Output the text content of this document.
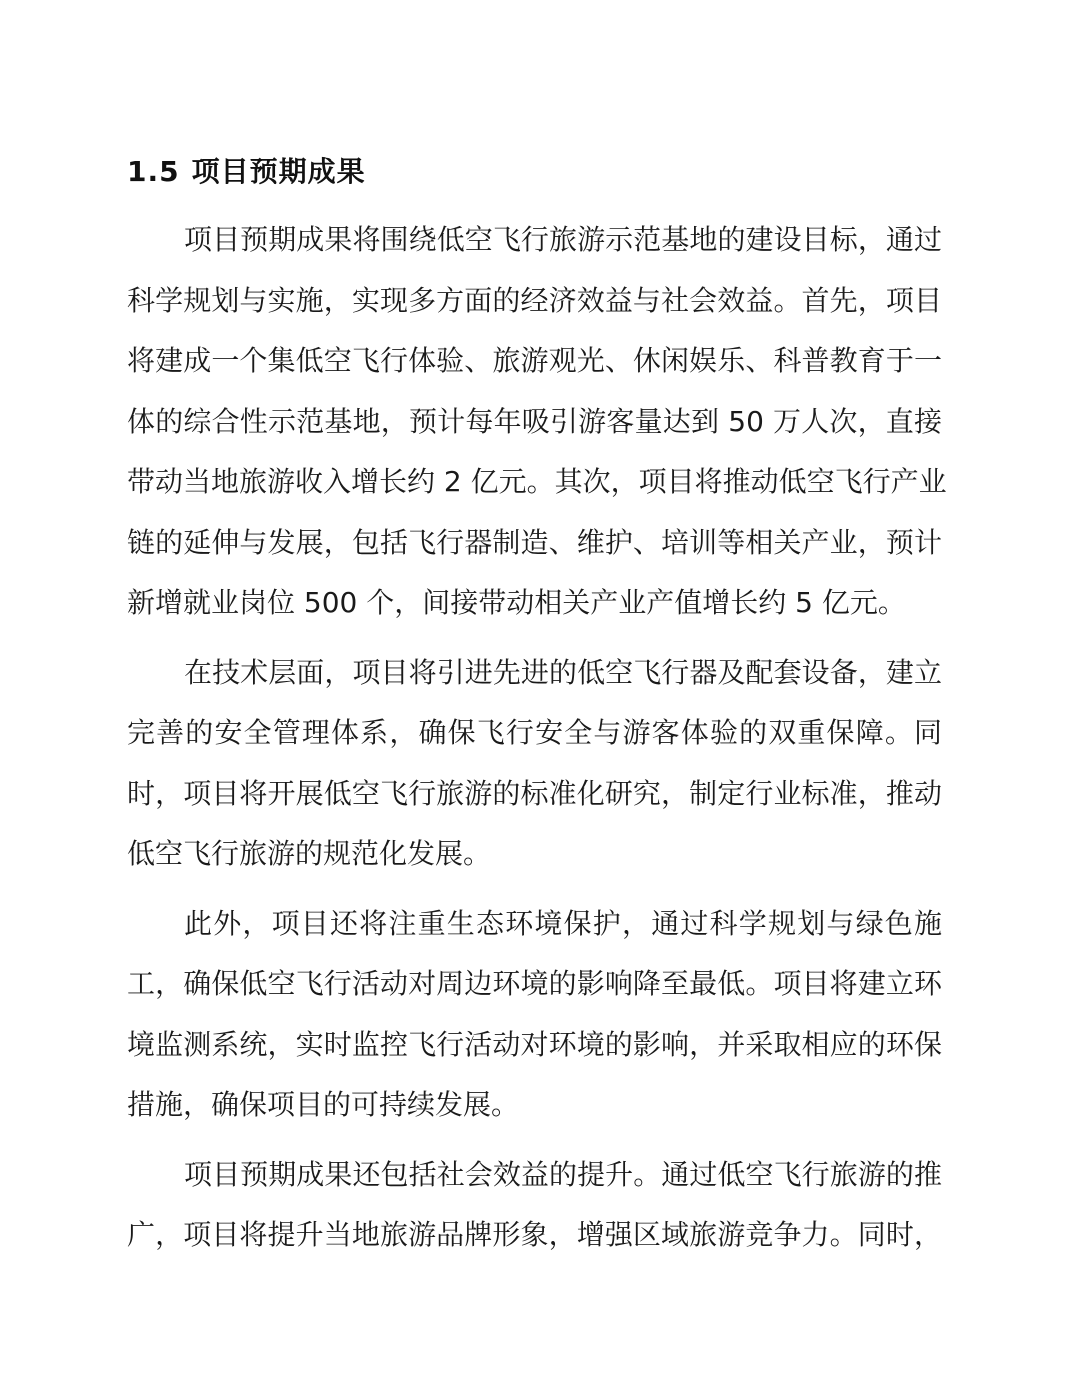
1.5 项目预期成果
项目预期成果将围绕低空飞行旅游示范基地的建设目标，通过
科学规划与实施，实现多方面的经济效益与社会效益。首先，项目
将建成一个集低空飞行体验、旅游观光、休闲娱乐、科普教育于一
体的综合性示范基地，预计每年吸引游客量达到 50 万人次，直接
带动当地旅游收入增长约 2 亿元。其次，项目将推动低空飞行产业
链的延伸与发展，包括飞行器制造、维护、培训等相关产业，预计
新增就业岗位 500 个，间接带动相关产业产值增长约 5 亿元。
在技术层面，项目将引进先进的低空飞行器及配套设备，建立
完善的安全管理体系，确保飞行安全与游客体验的双重保障。同
时，项目将开展低空飞行旅游的标准化研究，制定行业标准，推动
低空飞行旅游的规范化发展。
此外，项目还将注重生态环境保护，通过科学规划与绿色施
工，确保低空飞行活动对周边环境的影响降至最低。项目将建立环
境监测系统，实时监控飞行活动对环境的影响，并采取相应的环保
措施，确保项目的可持续发展。
项目预期成果还包括社会效益的提升。通过低空飞行旅游的推
广，项目将提升当地旅游品牌形象，增强区域旅游竞争力。同时，
